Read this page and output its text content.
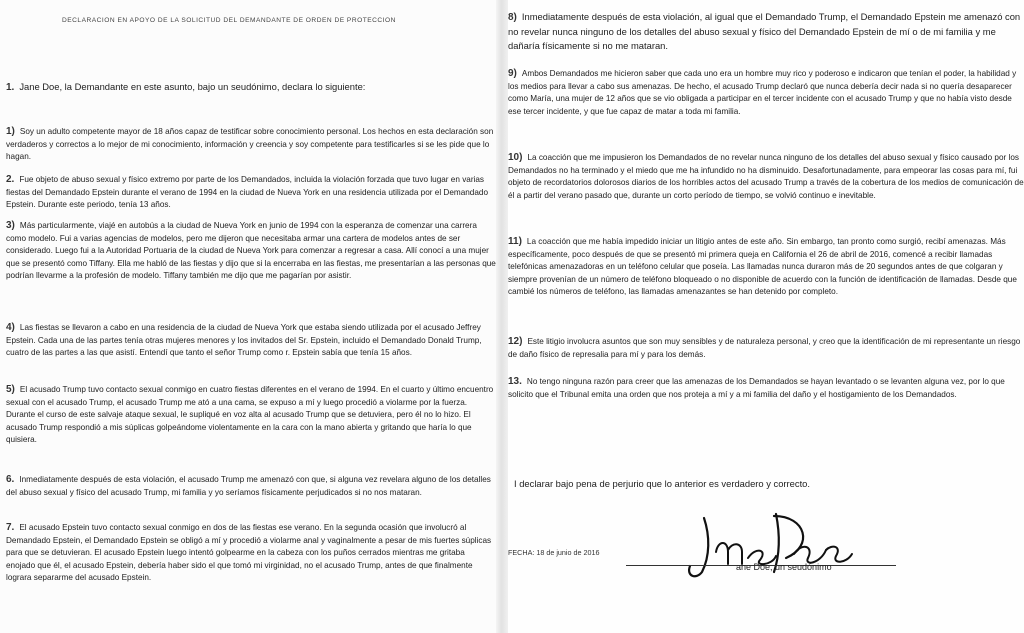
DECLARACIÓN EN APOYO DE LA SOLICITUD DEL DEMANDANTE DE ORDEN DE PROTECCIÓN
1. Jane Doe, la Demandante en este asunto, bajo un seudónimo, declara lo siguiente:
1) Soy un adulto competente mayor de 18 años capaz de testificar sobre conocimiento personal. Los hechos en esta declaración son verdaderos y correctos a lo mejor de mi conocimiento, información y creencia y soy competente para testificarles si se les pide que lo hagan.
2. Fue objeto de abuso sexual y físico extremo por parte de los Demandados, incluida la violación forzada que tuvo lugar en varias fiestas del Demandado Epstein durante el verano de 1994 en la ciudad de Nueva York en una residencia utilizada por el Demandado Epstein. Durante este periodo, tenía 13 años.
3) Más particularmente, viajé en autobús a la ciudad de Nueva York en junio de 1994 con la esperanza de comenzar una carrera como modelo. Fui a varias agencias de modelos, pero me dijeron que necesitaba armar una cartera de modelos antes de ser considerado. Luego fui a la Autoridad Portuaria de la ciudad de Nueva York para comenzar a regresar a casa. Allí conocí a una mujer que se presentó como Tiffany. Ella me habló de las fiestas y dijo que si la encerraba en las fiestas, me presentarían a las personas que podrían llevarme a la profesión de modelo. Tiffany también me dijo que me pagarían por asistir.
4) Las fiestas se llevaron a cabo en una residencia de la ciudad de Nueva York que estaba siendo utilizada por el acusado Jeffrey Epstein. Cada una de las partes tenía otras mujeres menores y los invitados del Sr. Epstein, incluido el Demandado Donald Trump, cuatro de las partes a las que asistí. Entendí que tanto el señor Trump como r. Epstein sabía que tenía 15 años.
5) El acusado Trump tuvo contacto sexual conmigo en cuatro fiestas diferentes en el verano de 1994. En el cuarto y último encuentro sexual con el acusado Trump, el acusado Trump me ató a una cama, se expuso a mí y luego procedió a violarme por la fuerza. Durante el curso de este salvaje ataque sexual, le supliqué en voz alta al acusado Trump que se detuviera, pero él no lo hizo. El acusado Trump respondió a mis súplicas golpeándome violentamente en la cara con la mano abierta y gritando que haría lo que quisiera.
6. Inmediatamente después de esta violación, el acusado Trump me amenazó con que, si alguna vez revelara alguno de los detalles del abuso sexual y físico del acusado Trump, mi familia y yo seríamos físicamente perjudicados si no nos mataran.
7. El acusado Epstein tuvo contacto sexual conmigo en dos de las fiestas ese verano. En la segunda ocasión que involucró al Demandado Epstein, el Demandado Epstein se obligó a mí y procedió a violarme anal y vaginalmente a pesar de mis fuertes súplicas para que se detuvieran. El acusado Epstein luego intentó golpearme en la cabeza con los puños cerrados mientras me gritaba enojado que él, el acusado Epstein, debería haber sido el que tomó mi virginidad, no el acusado Trump, antes de que finalmente lograra separarme del acusado Epstein.
8) Inmediatamente después de esta violación, al igual que el Demandado Trump, el Demandado Epstein me amenazó con no revelar nunca ninguno de los detalles del abuso sexual y físico del Demandado Epstein de mí o de mi familia y me dañaría físicamente si no me mataran.
9) Ambos Demandados me hicieron saber que cada uno era un hombre muy rico y poderoso e indicaron que tenían el poder, la habilidad y los medios para llevar a cabo sus amenazas. De hecho, el acusado Trump declaró que nunca debería decir nada si no quería desaparecer como María, una mujer de 12 años que se vio obligada a participar en el tercer incidente con el acusado Trump y que no había visto desde ese tercer incidente, y que fue capaz de matar a toda mi familia.
10) La coacción que me impusieron los Demandados de no revelar nunca ninguno de los detalles del abuso sexual y físico causado por los Demandados no ha terminado y el miedo que me ha infundido no ha disminuido. Desafortunadamente, para empeorar las cosas para mí, fui objeto de recordatorios dolorosos diarios de los horribles actos del acusado Trump a través de la cobertura de los medios de comunicación de él a partir del verano pasado que, durante un corto período de tiempo, se volvió continuo e inevitable.
11) La coacción que me había impedido iniciar un litigio antes de este año. Sin embargo, tan pronto como surgió, recibí amenazas. Más específicamente, poco después de que se presentó mi primera queja en California el 26 de abril de 2016, comencé a recibir llamadas telefónicas amenazadoras en un teléfono celular que poseía. Las llamadas nunca duraron más de 20 segundos antes de que colgaran y siempre provenían de un número de teléfono bloqueado o no disponible de acuerdo con la función de identificación de llamadas. Desde que cambié los números de teléfono, las llamadas amenazantes se han detenido por completo.
12) Este litigio involucra asuntos que son muy sensibles y de naturaleza personal, y creo que la identificación de mi representante un riesgo de daño físico de represalia para mí y para los demás.
13. No tengo ninguna razón para creer que las amenazas de los Demandados se hayan levantado o se levanten alguna vez, por lo que solicito que el Tribunal emita una orden que nos proteja a mí y a mi familia del daño y el hostigamiento de los Demandados.
I declarar bajo pena de perjurio que lo anterior es verdadero y correcto.
FECHA: 18 de junio de 2016
ane Doe, un seudónimo
